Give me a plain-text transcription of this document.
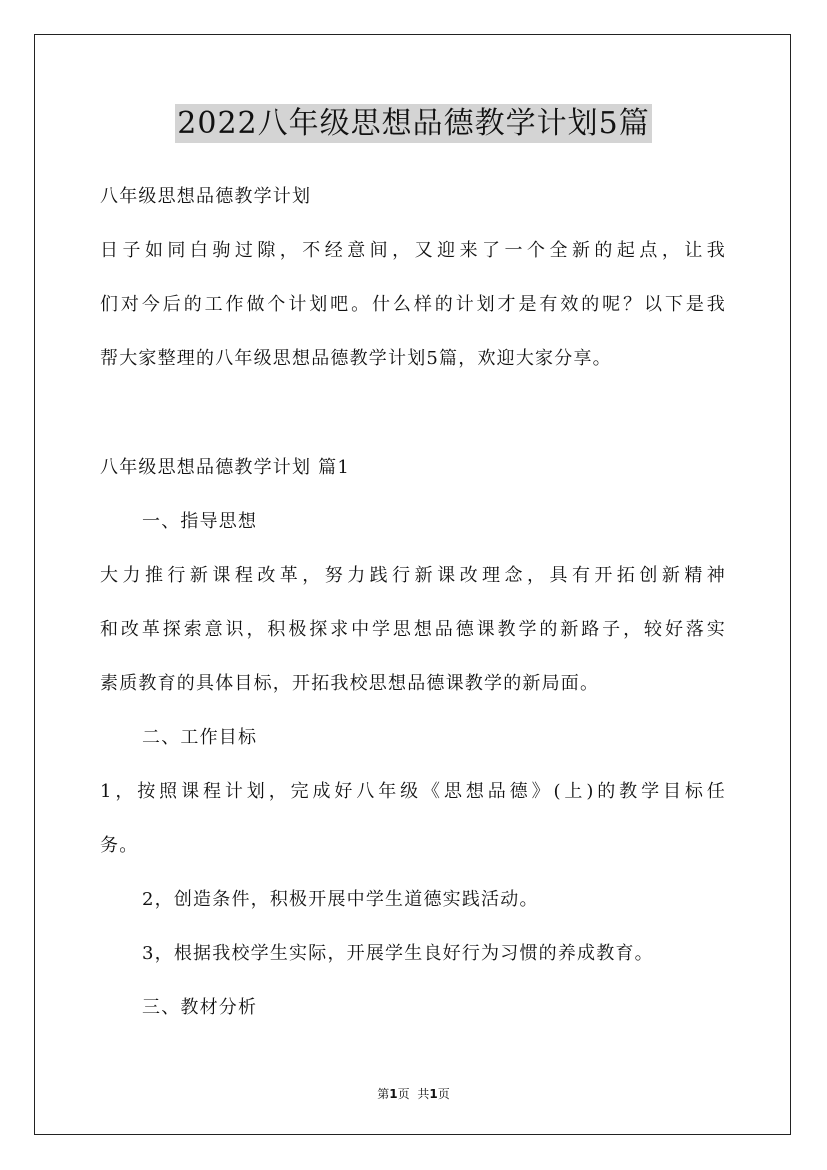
2022八年级思想品德教学计划5篇
八年级思想品德教学计划
日子如同白驹过隙，不经意间，又迎来了一个全新的起点，让我
们对今后的工作做个计划吧。什么样的计划才是有效的呢？以下是我
帮大家整理的八年级思想品德教学计划5篇，欢迎大家分享。
八年级思想品德教学计划 篇1
一、指导思想
大力推行新课程改革，努力践行新课改理念，具有开拓创新精神
和改革探索意识，积极探求中学思想品德课教学的新路子，较好落实
素质教育的具体目标，开拓我校思想品德课教学的新局面。
二、工作目标
1，按照课程计划，完成好八年级《思想品德》(上)的教学目标任
务。
2，创造条件，积极开展中学生道德实践活动。
3，根据我校学生实际，开展学生良好行为习惯的养成教育。
三、教材分析
第1页 共1页
